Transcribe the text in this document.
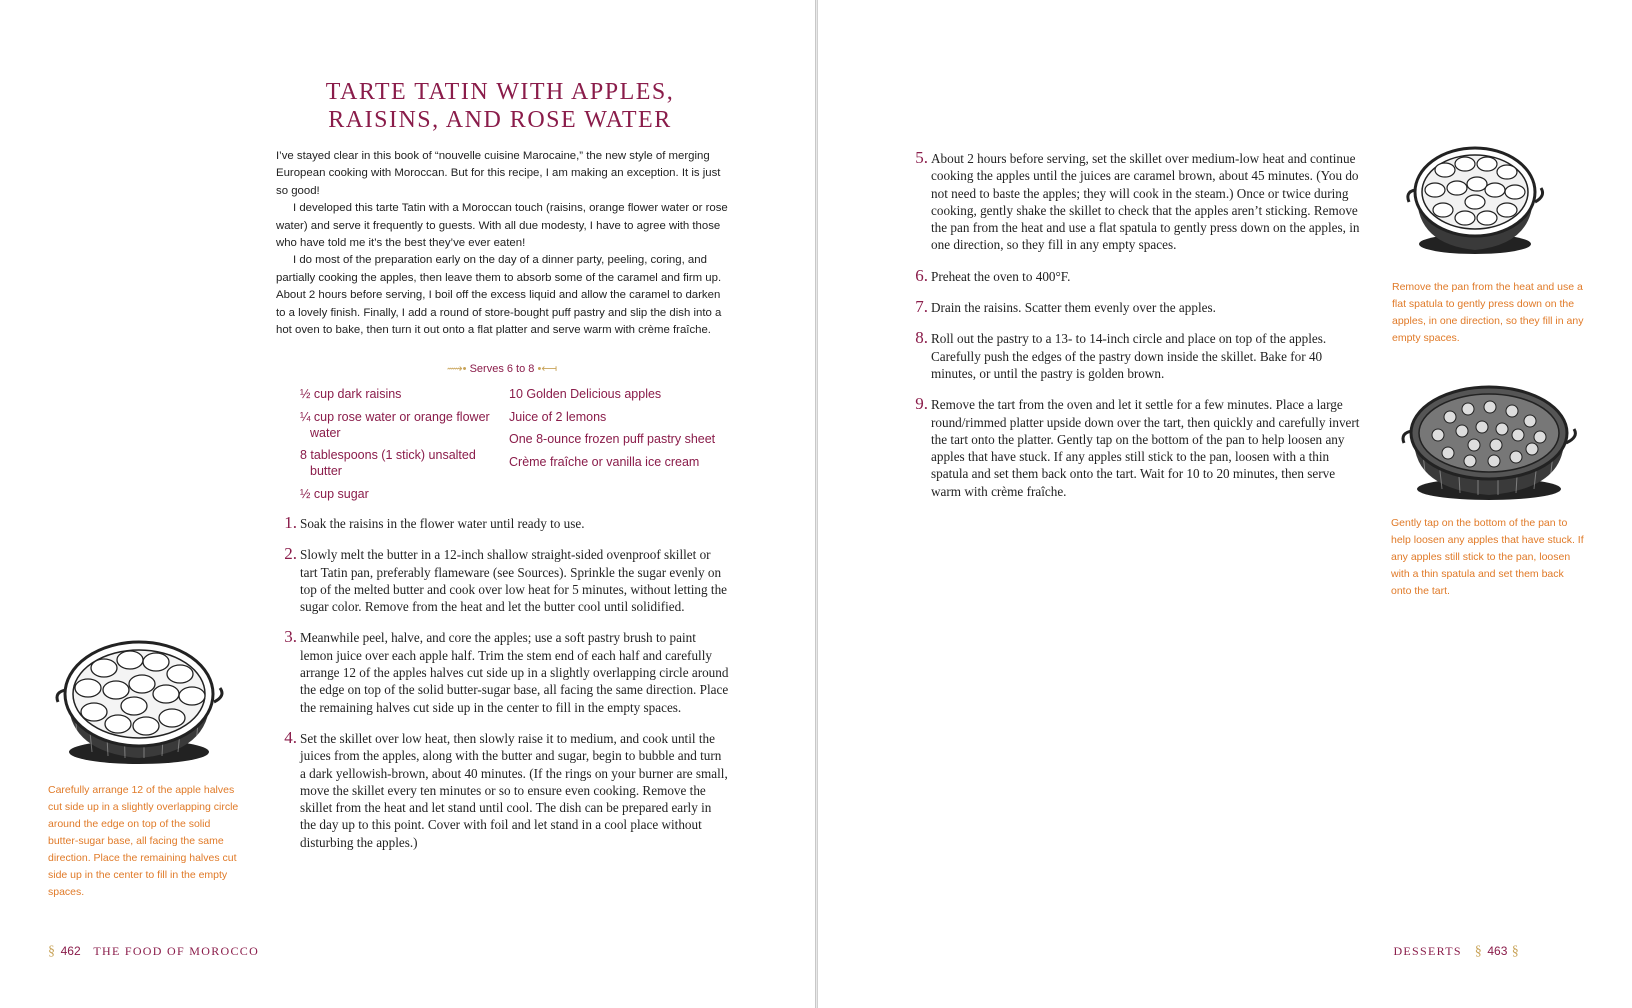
TARTE TATIN WITH APPLES,
RAISINS, AND ROSE WATER

I’ve stayed clear in this book of “nouvelle cuisine Marocaine,” the new style of merging European cooking with Moroccan. But for this recipe, I am making an exception. It is just so good!

I developed this tarte Tatin with a Moroccan touch (raisins, orange flower water or rose water) and serve it frequently to guests. With all due modesty, I have to agree with those who have told me it’s the best they’ve ever eaten!

I do most of the preparation early on the day of a dinner party, peeling, coring, and partially cooking the apples, then leave them to absorb some of the caramel and firm up. About 2 hours before serving, I boil off the excess liquid and allow the caramel to darken to a lovely finish. Finally, I add a round of store-bought puff pastry and slip the dish into a hot oven to bake, then turn it out onto a flat platter and serve warm with crème fraîche.

⟿• Serves 6 to 8 •⟻
½ cup dark raisins
¼ cup rose water or orange flower water
8 tablespoons (1 stick) unsalted butter
½ cup sugar
10 Golden Delicious apples
Juice of 2 lemons
One 8-ounce frozen puff pastry sheet
Crème fraîche or vanilla ice cream
1. Soak the raisins in the flower water until ready to use.
2. Slowly melt the butter in a 12-inch shallow straight-sided ovenproof skillet or tart Tatin pan, preferably flameware (see Sources). Sprinkle the sugar evenly on top of the melted butter and cook over low heat for 5 minutes, without letting the sugar color. Remove from the heat and let the butter cool until solidified.
3. Meanwhile peel, halve, and core the apples; use a soft pastry brush to paint lemon juice over each apple half. Trim the stem end of each half and carefully arrange 12 of the apples halves cut side up in a slightly overlapping circle around the edge on top of the solid butter-sugar base, all facing the same direction. Place the remaining halves cut side up in the center to fill in the empty spaces.
4. Set the skillet over low heat, then slowly raise it to medium, and cook until the juices from the apples, along with the butter and sugar, begin to bubble and turn a dark yellowish-brown, about 40 minutes. (If the rings on your burner are small, move the skillet every ten minutes or so to ensure even cooking. Remove the skillet from the heat and let stand until cool. The dish can be prepared early in the day up to this point. Cover with foil and let stand in a cool place without disturbing the apples.)
Carefully arrange 12 of the apple halves cut side up in a slightly overlapping circle around the edge on top of the solid butter-sugar base, all facing the same direction. Place the remaining halves cut side up in the center to fill in the empty spaces.
§ 462 THE FOOD OF MOROCCO
5. About 2 hours before serving, set the skillet over medium-low heat and continue cooking the apples until the juices are caramel brown, about 45 minutes. (You do not need to baste the apples; they will cook in the steam.) Once or twice during cooking, gently shake the skillet to check that the apples aren’t sticking. Remove the pan from the heat and use a flat spatula to gently press down on the apples, in one direction, so they fill in any empty spaces.
6. Preheat the oven to 400°F.
7. Drain the raisins. Scatter them evenly over the apples.
8. Roll out the pastry to a 13- to 14-inch circle and place on top of the apples. Carefully push the edges of the pastry down inside the skillet. Bake for 40 minutes, or until the pastry is golden brown.
9. Remove the tart from the oven and let it settle for a few minutes. Place a large round/rimmed platter upside down over the tart, then quickly and carefully invert the tart onto the platter. Gently tap on the bottom of the pan to help loosen any apples that have stuck. If any apples still stick to the pan, loosen with a thin spatula and set them back onto the tart. Wait for 10 to 20 minutes, then serve warm with crème fraîche.
Remove the pan from the heat and use a flat spatula to gently press down on the apples, in one direction, so they fill in any empty spaces.
Gently tap on the bottom of the pan to help loosen any apples that have stuck. If any apples still stick to the pan, loosen with a thin spatula and set them back onto the tart.
DESSERTS § 463 §
